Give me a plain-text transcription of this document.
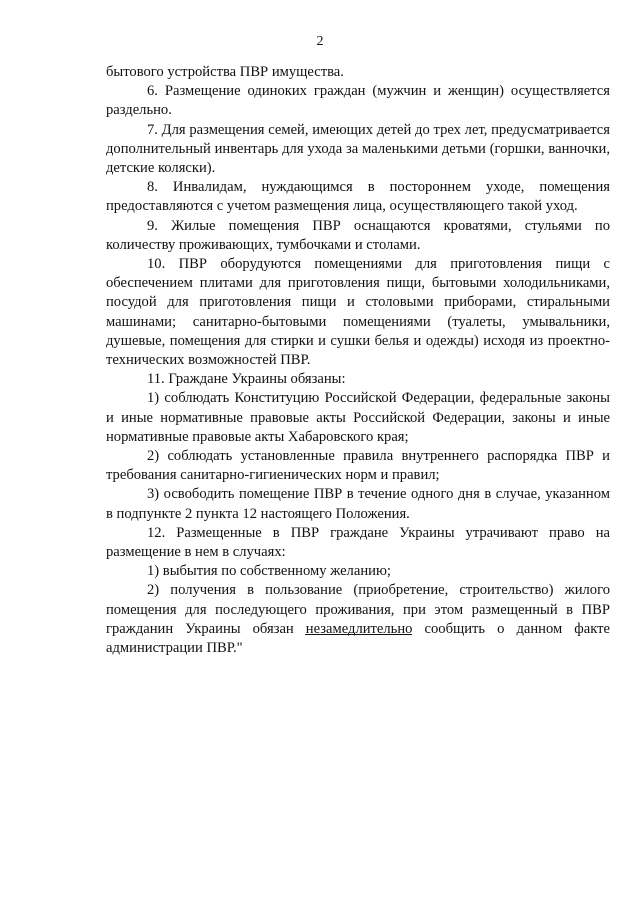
2

бытового устройства ПВР имущества.

6. Размещение одиноких граждан (мужчин и женщин) осуществляется раздельно.

7. Для размещения семей, имеющих детей до трех лет, предусматривается дополнительный инвентарь для ухода за маленькими детьми (горшки, ванночки, детские коляски).

8. Инвалидам, нуждающимся в постороннем уходе, помещения предоставляются с учетом размещения лица, осуществляющего такой уход.

9. Жилые помещения ПВР оснащаются кроватями, стульями по количеству проживающих, тумбочками и столами.

10. ПВР оборудуются помещениями для приготовления пищи с обеспечением плитами для приготовления пищи, бытовыми холодильниками, посудой для приготовления пищи и столовыми приборами, стиральными машинами; санитарно-бытовыми помещениями (туалеты, умывальники, душевые, помещения для стирки и сушки белья и одежды) исходя из проектно-технических возможностей ПВР.

11. Граждане Украины обязаны:

1) соблюдать Конституцию Российской Федерации, федеральные законы и иные нормативные правовые акты Российской Федерации, законы и иные нормативные правовые акты Хабаровского края;

2) соблюдать установленные правила внутреннего распорядка ПВР и требования санитарно-гигиенических норм и правил;

3) освободить помещение ПВР в течение одного дня в случае, указанном в подпункте 2 пункта 12 настоящего Положения.

12. Размещенные в ПВР граждане Украины утрачивают право на размещение в нем в случаях:

1) выбытия по собственному желанию;

2) получения в пользование (приобретение, строительство) жилого помещения для последующего проживания, при этом размещенный в ПВР гражданин Украины обязан незамедлительно сообщить о данном факте администрации ПВР."
